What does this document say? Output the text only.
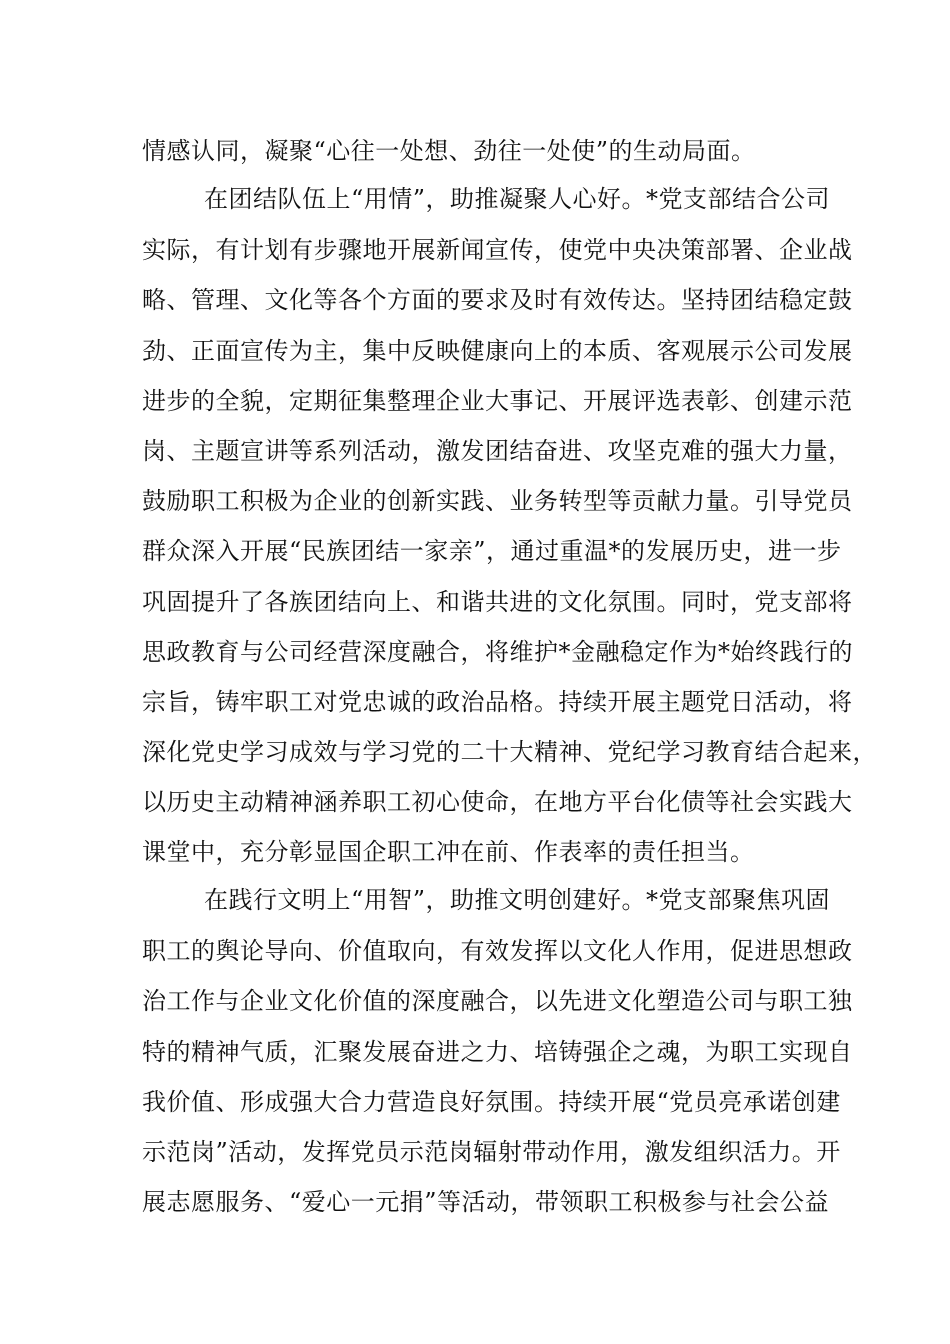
情感认同，凝聚“心往一处想、劲往一处使”的生动局面。

在团结队伍上“用情”，助推凝聚人心好。*党支部结合公司

实际，有计划有步骤地开展新闻宣传，使党中央决策部署、企业战

略、管理、文化等各个方面的要求及时有效传达。坚持团结稳定鼓

劲、正面宣传为主，集中反映健康向上的本质、客观展示公司发展

进步的全貌，定期征集整理企业大事记、开展评选表彰、创建示范

岗、主题宣讲等系列活动，激发团结奋进、攻坚克难的强大力量，

鼓励职工积极为企业的创新实践、业务转型等贡献力量。引导党员

群众深入开展“民族团结一家亲”，通过重温*的发展历史，进一步

巩固提升了各族团结向上、和谐共进的文化氛围。同时，党支部将

思政教育与公司经营深度融合，将维护*金融稳定作为*始终践行的

宗旨，铸牢职工对党忠诚的政治品格。持续开展主题党日活动，将

深化党史学习成效与学习党的二十大精神、党纪学习教育结合起来，

以历史主动精神涵养职工初心使命，在地方平台化债等社会实践大

课堂中，充分彰显国企职工冲在前、作表率的责任担当。

在践行文明上“用智”，助推文明创建好。*党支部聚焦巩固

职工的舆论导向、价值取向，有效发挥以文化人作用，促进思想政

治工作与企业文化价值的深度融合，以先进文化塑造公司与职工独

特的精神气质，汇聚发展奋进之力、培铸强企之魂，为职工实现自

我价值、形成强大合力营造良好氛围。持续开展“党员亮承诺创建

示范岗”活动，发挥党员示范岗辐射带动作用，激发组织活力。开

展志愿服务、“爱心一元捐”等活动，带领职工积极参与社会公益
